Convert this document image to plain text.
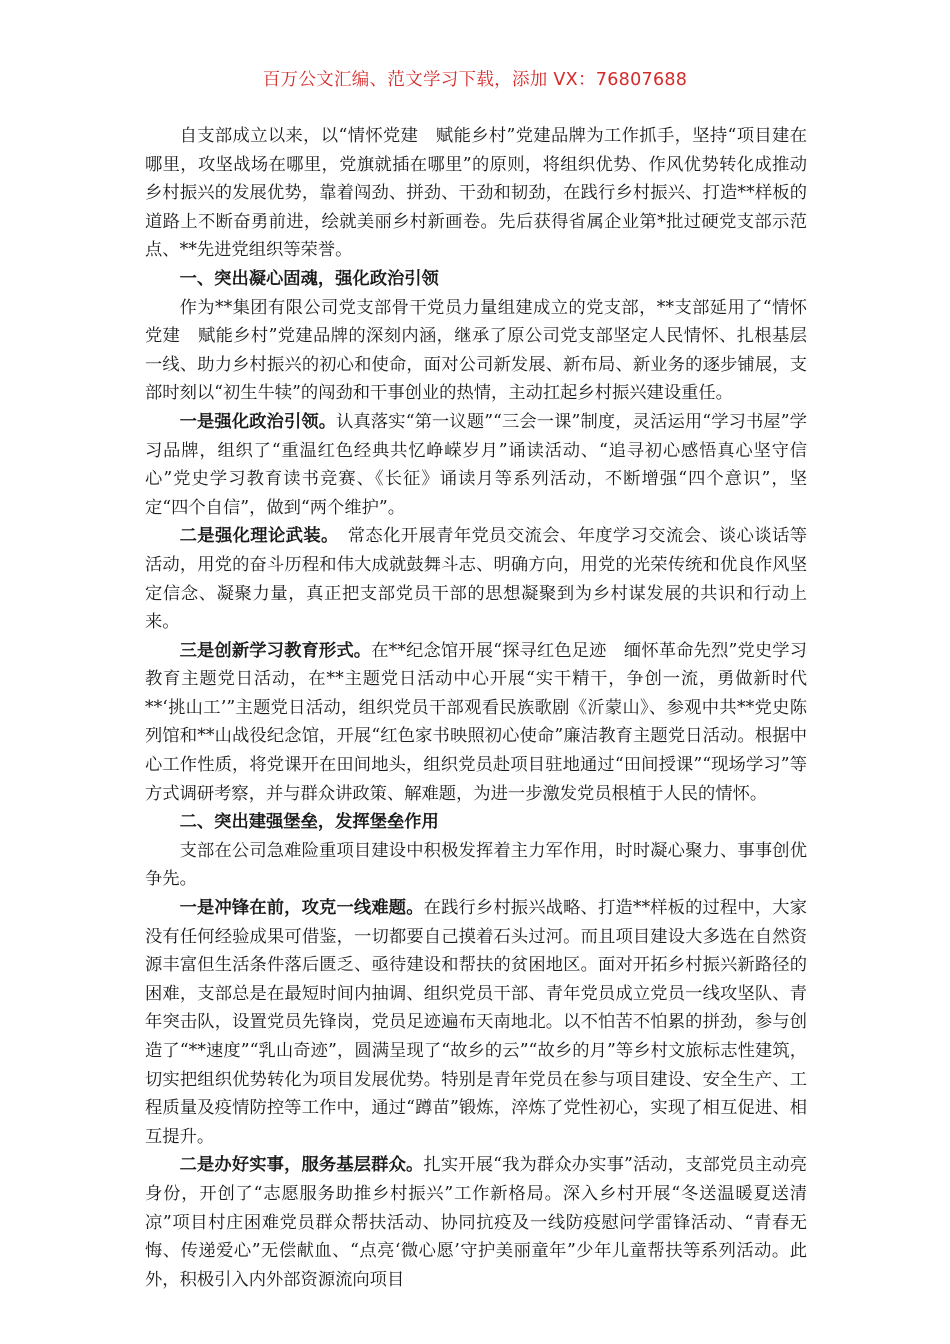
百万公文汇编、范文学习下载，添加 VX：76807688

自支部成立以来，以“情怀党建　赋能乡村”党建品牌为工作抓手，坚持“项目建在哪里，攻坚战场在哪里，党旗就插在哪里”的原则，将组织优势、作风优势转化成推动乡村振兴的发展优势，靠着闯劲、拼劲、干劲和韧劲，在践行乡村振兴、打造**样板的道路上不断奋勇前进，绘就美丽乡村新画卷。先后获得省属企业第*批过硬党支部示范点、**先进党组织等荣誉。

一、突出凝心固魂，强化政治引领

作为**集团有限公司党支部骨干党员力量组建成立的党支部，**支部延用了“情怀党建　赋能乡村”党建品牌的深刻内涵，继承了原公司党支部坚定人民情怀、扎根基层一线、助力乡村振兴的初心和使命，面对公司新发展、新布局、新业务的逐步铺展，支部时刻以“初生牛犊”的闯劲和干事创业的热情，主动扛起乡村振兴建设重任。

一是强化政治引领。认真落实“第一议题”“三会一课”制度，灵活运用“学习书屋”学习品牌，组织了“重温红色经典共忆峥嵘岁月”诵读活动、“追寻初心感悟真心坚守信心”党史学习教育读书竞赛、《长征》诵读月等系列活动，不断增强“四个意识”，坚定“四个自信”，做到“两个维护”。

二是强化理论武装。　常态化开展青年党员交流会、年度学习交流会、谈心谈话等活动，用党的奋斗历程和伟大成就鼓舞斗志、明确方向，用党的光荣传统和优良作风坚定信念、凝聚力量，真正把支部党员干部的思想凝聚到为乡村谋发展的共识和行动上来。

三是创新学习教育形式。在**纪念馆开展“探寻红色足迹　缅怀革命先烈”党史学习教育主题党日活动，在**主题党日活动中心开展“实干精干，争创一流，勇做新时代**‘挑山工’”主题党日活动，组织党员干部观看民族歌剧《沂蒙山》、参观中共**党史陈列馆和**山战役纪念馆，开展“红色家书映照初心使命”廉洁教育主题党日活动。根据中心工作性质，将党课开在田间地头，组织党员赴项目驻地通过“田间授课”“现场学习”等方式调研考察，并与群众讲政策、解难题，为进一步激发党员根植于人民的情怀。

二、突出建强堡垒，发挥堡垒作用

支部在公司急难险重项目建设中积极发挥着主力军作用，时时凝心聚力、事事创优争先。

一是冲锋在前，攻克一线难题。在践行乡村振兴战略、打造**样板的过程中，大家没有任何经验成果可借鉴，一切都要自己摸着石头过河。而且项目建设大多选在自然资源丰富但生活条件落后匮乏、亟待建设和帮扶的贫困地区。面对开拓乡村振兴新路径的困难，支部总是在最短时间内抽调、组织党员干部、青年党员成立党员一线攻坚队、青年突击队，设置党员先锋岗，党员足迹遍布天南地北。以不怕苦不怕累的拼劲，参与创造了“**速度”“乳山奇迹”，圆满呈现了“故乡的云”“故乡的月”等乡村文旅标志性建筑，切实把组织优势转化为项目发展优势。特别是青年党员在参与项目建设、安全生产、工程质量及疫情防控等工作中，通过“蹲苗”锻炼，淬炼了党性初心，实现了相互促进、相互提升。

二是办好实事，服务基层群众。扎实开展“我为群众办实事”活动，支部党员主动亮身份，开创了“志愿服务助推乡村振兴”工作新格局。深入乡村开展“冬送温暖夏送清凉”项目村庄困难党员群众帮扶活动、协同抗疫及一线防疫慰问学雷锋活动、“青春无悔、传递爱心”无偿献血、“点亮‘微心愿’守护美丽童年”少年儿童帮扶等系列活动。此外，积极引入内外部资源流向项目
